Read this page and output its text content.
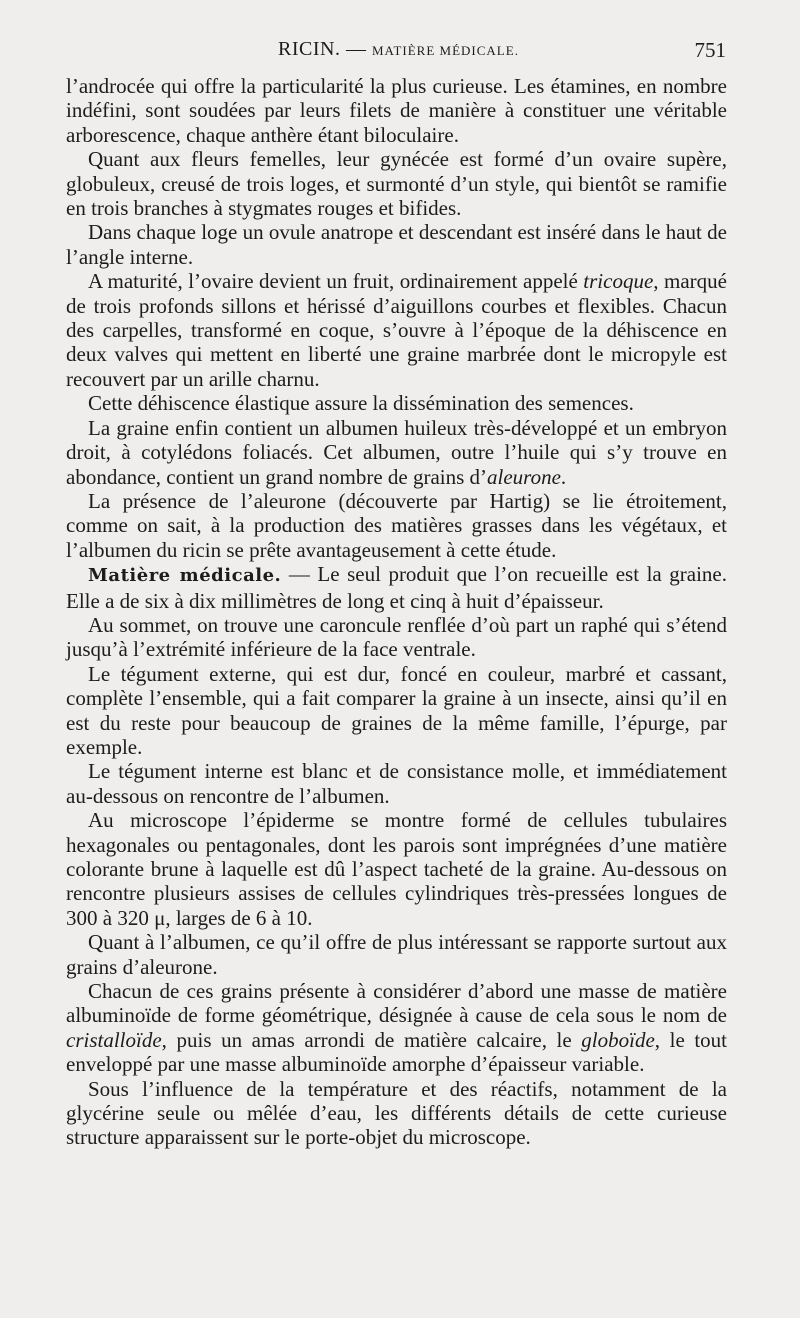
RICIN. — MATIÈRE MÉDICALE.	751

l’androcée qui offre la particularité la plus curieuse. Les étamines, en nombre indéfini, sont soudées par leurs filets de manière à constituer une véritable arborescence, chaque anthère étant biloculaire.

Quant aux fleurs femelles, leur gynécée est formé d’un ovaire supère, globuleux, creusé de trois loges, et surmonté d’un style, qui bientôt se ramifie en trois branches à stygmates rouges et bifides.

Dans chaque loge un ovule anatrope et descendant est inséré dans le haut de l’angle interne.

A maturité, l’ovaire devient un fruit, ordinairement appelé tricoque, marqué de trois profonds sillons et hérissé d’aiguillons courbes et flexibles. Chacun des carpelles, transformé en coque, s’ouvre à l’époque de la déhiscence en deux valves qui mettent en liberté une graine marbrée dont le micropyle est recouvert par un arille charnu.

Cette déhiscence élastique assure la dissémination des semences.

La graine enfin contient un albumen huileux très-développé et un embryon droit, à cotylédons foliacés. Cet albumen, outre l’huile qui s’y trouve en abondance, contient un grand nombre de grains d’aleurone.

La présence de l’aleurone (découverte par Hartig) se lie étroitement, comme on sait, à la production des matières grasses dans les végétaux, et l’albumen du ricin se prête avantageusement à cette étude.

Matière médicale. — Le seul produit que l’on recueille est la graine. Elle a de six à dix millimètres de long et cinq à huit d’épaisseur.

Au sommet, on trouve une caroncule renflée d’où part un raphé qui s’étend jusqu’à l’extrémité inférieure de la face ventrale.

Le tégument externe, qui est dur, foncé en couleur, marbré et cassant, complète l’ensemble, qui a fait comparer la graine à un insecte, ainsi qu’il en est du reste pour beaucoup de graines de la même famille, l’épurge, par exemple.

Le tégument interne est blanc et de consistance molle, et immédiatement au-dessous on rencontre de l’albumen.

Au microscope l’épiderme se montre formé de cellules tubulaires hexagonales ou pentagonales, dont les parois sont imprégnées d’une matière colorante brune à laquelle est dû l’aspect tacheté de la graine. Au-dessous on rencontre plusieurs assises de cellules cylindriques très-pressées longues de 300 à 320 μ, larges de 6 à 10.

Quant à l’albumen, ce qu’il offre de plus intéressant se rapporte surtout aux grains d’aleurone.

Chacun de ces grains présente à considérer d’abord une masse de matière albuminoïde de forme géométrique, désignée à cause de cela sous le nom de cristalloïde, puis un amas arrondi de matière calcaire, le globoïde, le tout enveloppé par une masse albuminoïde amorphe d’épaisseur variable.

Sous l’influence de la température et des réactifs, notamment de la glycérine seule ou mêlée d’eau, les différents détails de cette curieuse structure apparaissent sur le porte-objet du microscope.
